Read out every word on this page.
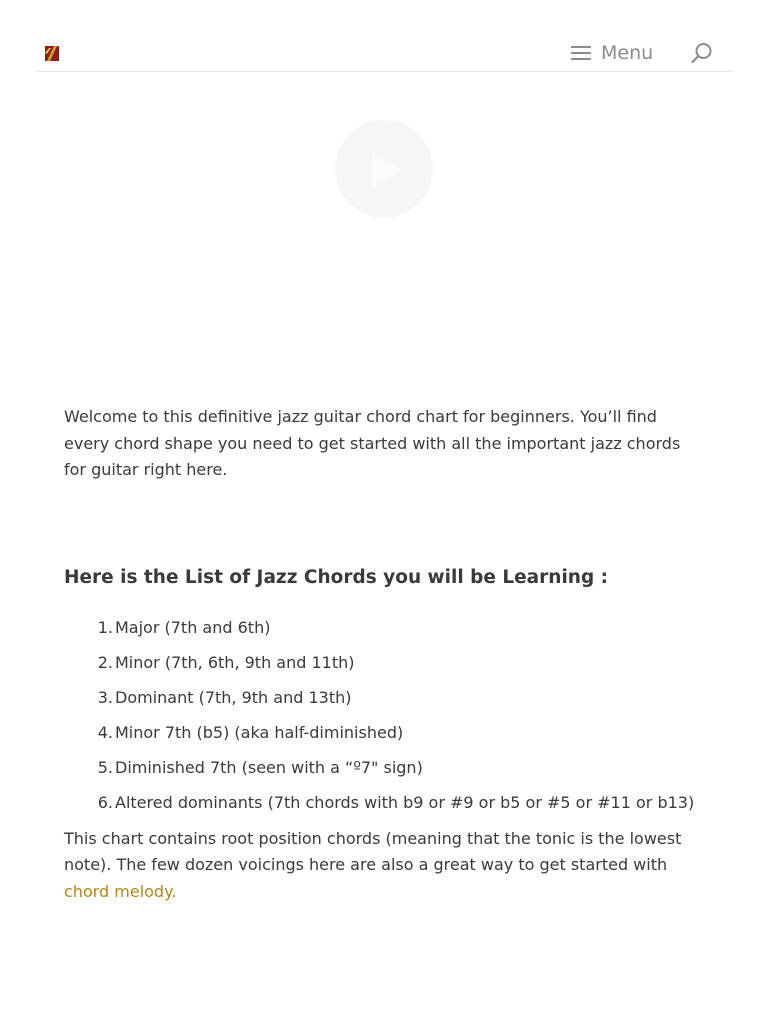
Menu

Welcome to this definitive jazz guitar chord chart for beginners. You’ll find every chord shape you need to get started with all the important jazz chords for guitar right here.

Here is the List of Jazz Chords you will be Learning :
1. Major (7th and 6th)
2. Minor (7th, 6th, 9th and 11th)
3. Dominant (7th, 9th and 13th)
4. Minor 7th (b5) (aka half-diminished)
5. Diminished 7th (seen with a “º7" sign)
6. Altered dominants (7th chords with b9 or #9 or b5 or #5 or #11 or b13)

This chart contains root position chords (meaning that the tonic is the lowest note). The few dozen voicings here are also a great way to get started with chord melody.
